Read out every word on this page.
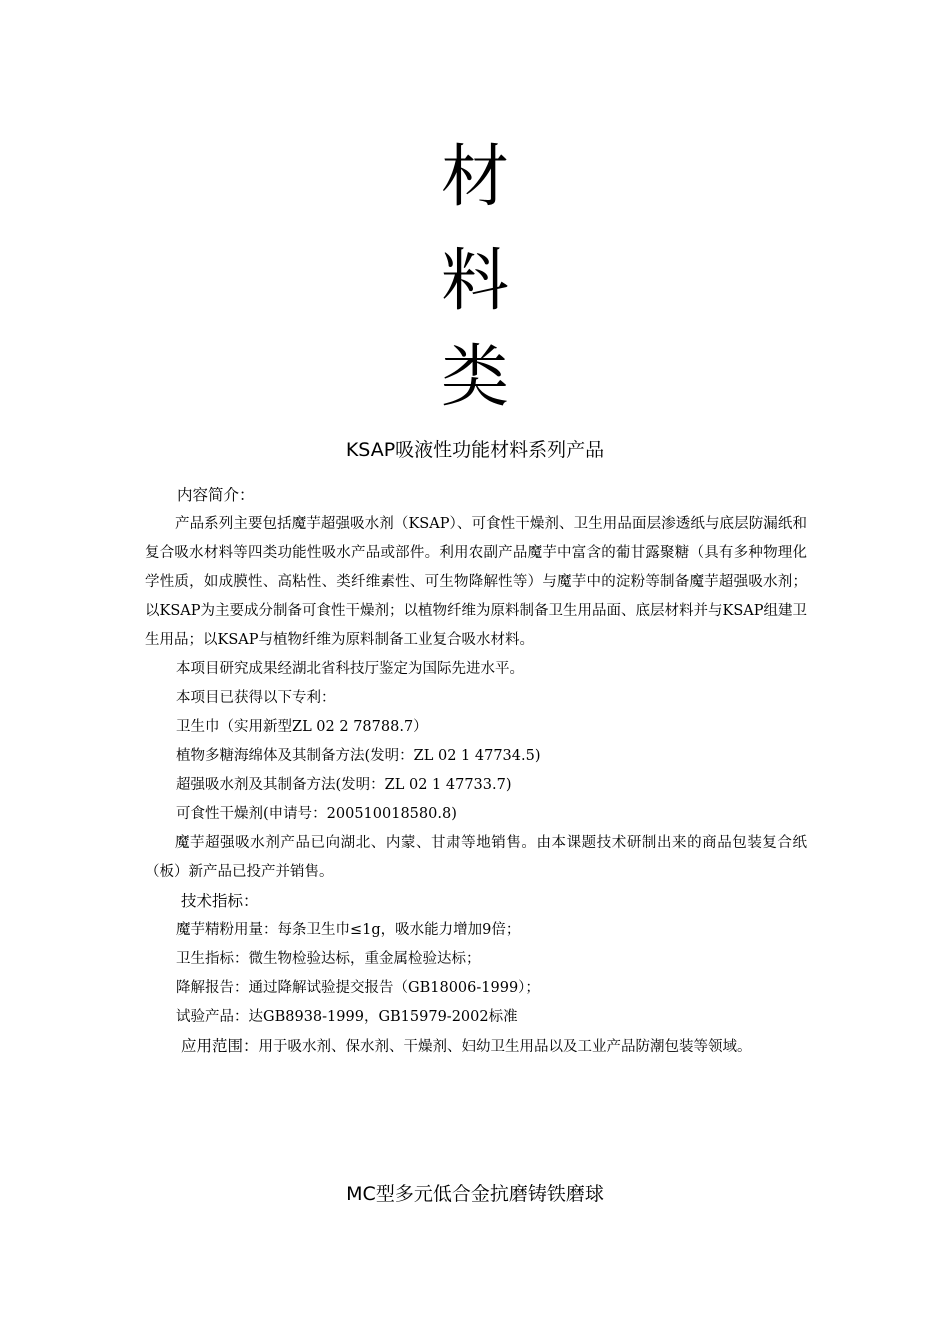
材
料
类
KSAP吸液性功能材料系列产品

内容简介：

产品系列主要包括魔芋超强吸水剂（KSAP）、可食性干燥剂、卫生用品面层渗透纸与底层防漏纸和复合吸水材料等四类功能性吸水产品或部件。利用农副产品魔芋中富含的葡甘露聚糖（具有多种物理化学性质，如成膜性、高粘性、类纤维素性、可生物降解性等）与魔芋中的淀粉等制备魔芋超强吸水剂；以KSAP为主要成分制备可食性干燥剂；以植物纤维为原料制备卫生用品面、底层材料并与KSAP组建卫生用品；以KSAP与植物纤维为原料制备工业复合吸水材料。

本项目研究成果经湖北省科技厅鉴定为国际先进水平。

本项目已获得以下专利：

卫生巾（实用新型ZL 02 2 78788.7）

植物多糖海绵体及其制备方法(发明：ZL 02 1 47734.5)

超强吸水剂及其制备方法(发明：ZL 02 1 47733.7)

可食性干燥剂(申请号：200510018580.8)

魔芋超强吸水剂产品已向湖北、内蒙、甘肃等地销售。由本课题技术研制出来的商品包装复合纸（板）新产品已投产并销售。

技术指标：

魔芋精粉用量：每条卫生巾≤1g，吸水能力增加9倍；

卫生指标：微生物检验达标，重金属检验达标；

降解报告：通过降解试验提交报告（GB18006-1999）；

试验产品：达GB8938-1999，GB15979-2002标准

应用范围：用于吸水剂、保水剂、干燥剂、妇幼卫生用品以及工业产品防潮包装等领域。

MC型多元低合金抗磨铸铁磨球
